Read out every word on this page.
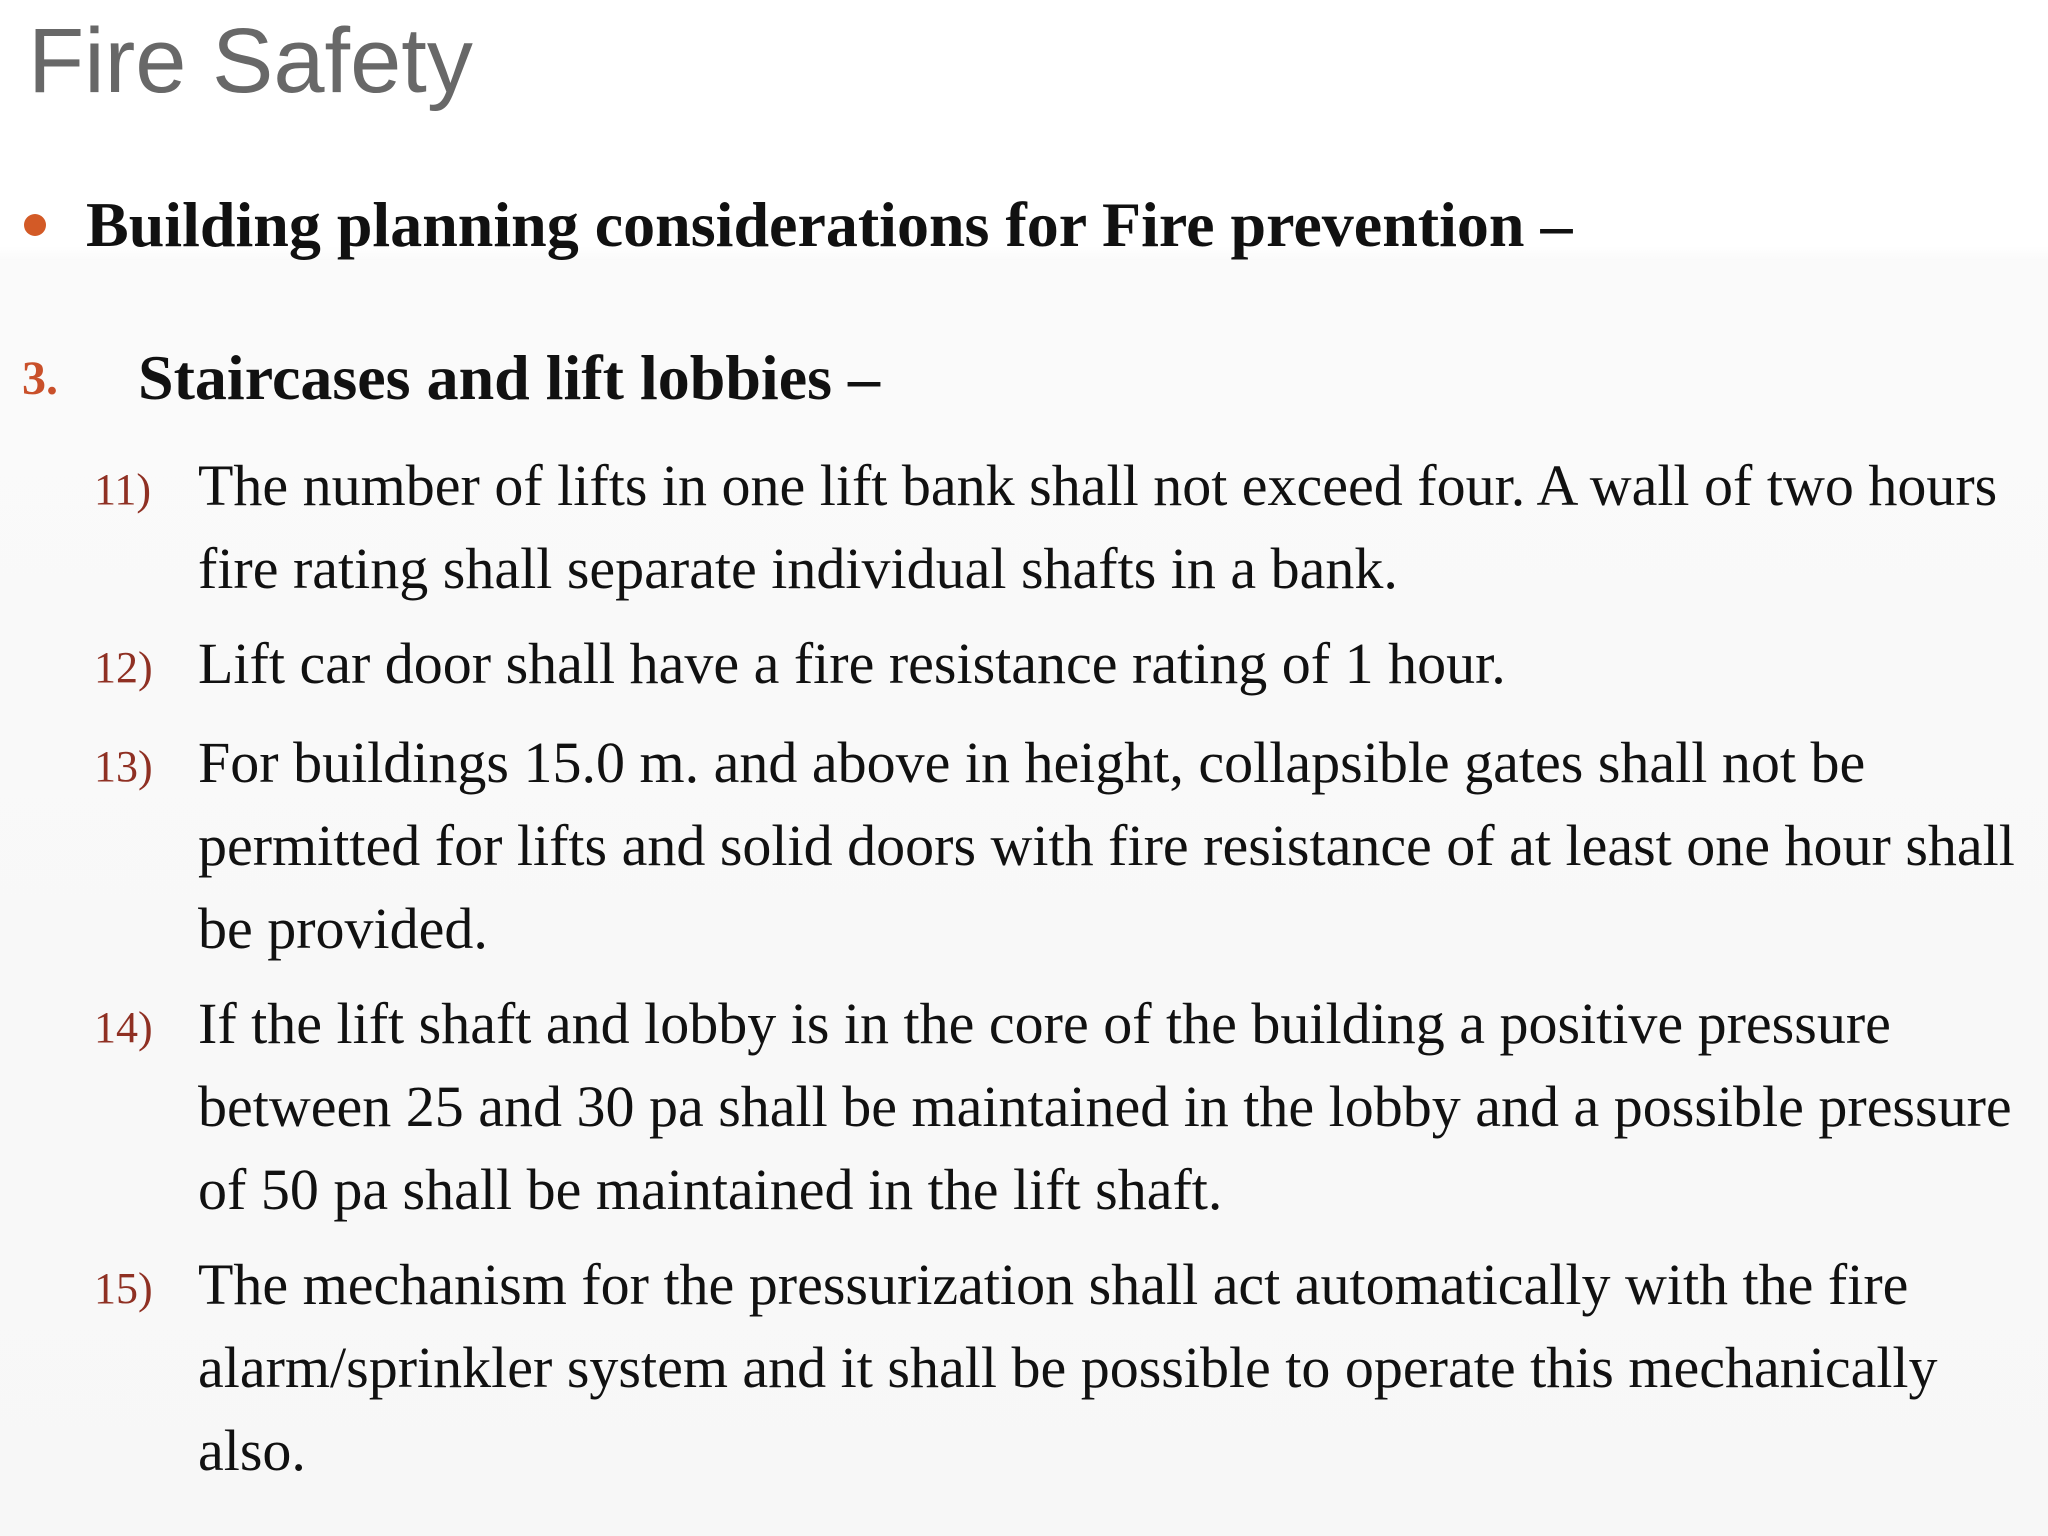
Fire Safety
Building planning considerations for Fire prevention –
3.	Staircases and lift lobbies –
11) The number of lifts in one lift bank shall not exceed four. A wall of two hours fire rating shall separate individual shafts in a bank.
12) Lift car door shall have a fire resistance rating of 1 hour.
13) For buildings 15.0 m. and above in height, collapsible gates shall not be permitted for lifts and solid doors with fire resistance of at least one hour shall be provided.
14) If the lift shaft and lobby is in the core of the building a positive pressure between 25 and 30 pa shall be maintained in the lobby and a possible pressure of 50 pa shall be maintained in the lift shaft.
15) The mechanism for the pressurization shall act automatically with the fire alarm/sprinkler system and it shall be possible to operate this mechanically also.
